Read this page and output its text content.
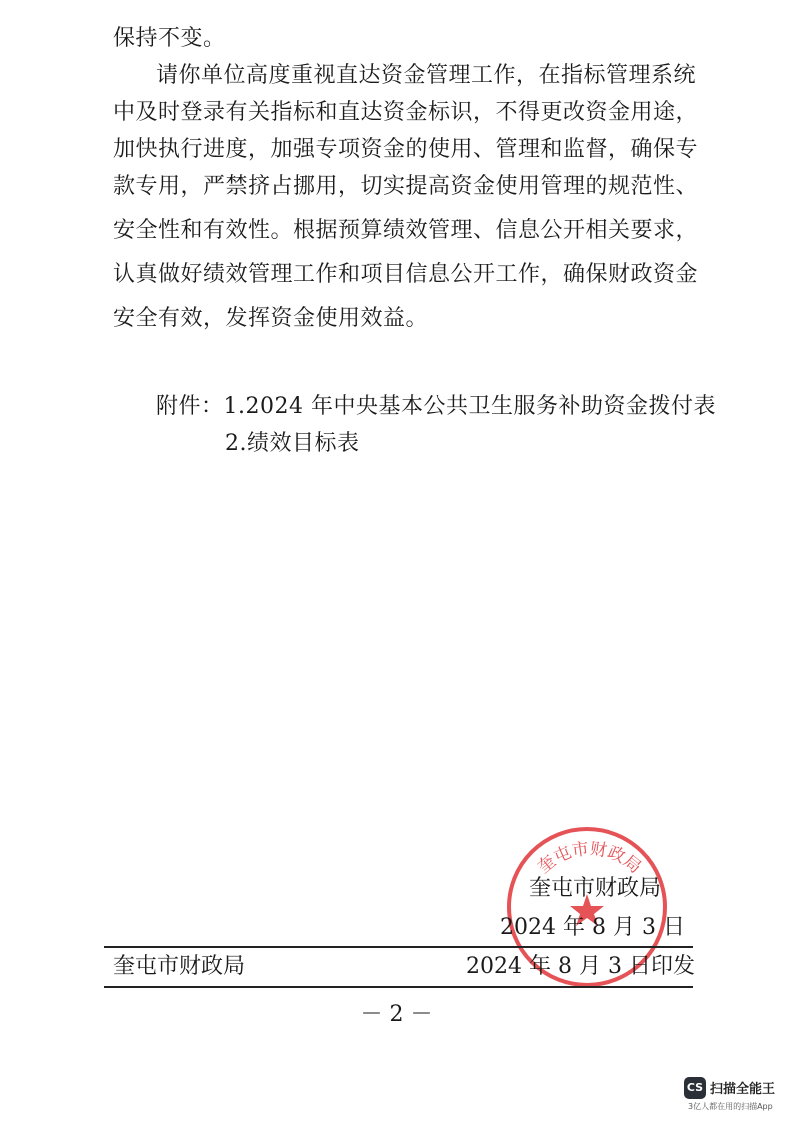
保持不变。
请你单位高度重视直达资金管理工作，在指标管理系统
中及时登录有关指标和直达资金标识，不得更改资金用途，
加快执行进度，加强专项资金的使用、管理和监督，确保专
款专用，严禁挤占挪用，切实提高资金使用管理的规范性、
安全性和有效性。根据预算绩效管理、信息公开相关要求，
认真做好绩效管理工作和项目信息公开工作，确保财政资金
安全有效，发挥资金使用效益。
附件：1.2024 年中央基本公共卫生服务补助资金拨付表
2.绩效目标表
奎屯市财政局
奎屯市财政局
2024 年 8 月 3 日
奎屯市财政局	2024 年 8 月 3 日印发
－ 2 －
CS 扫描全能王
3亿人都在用的扫描App
